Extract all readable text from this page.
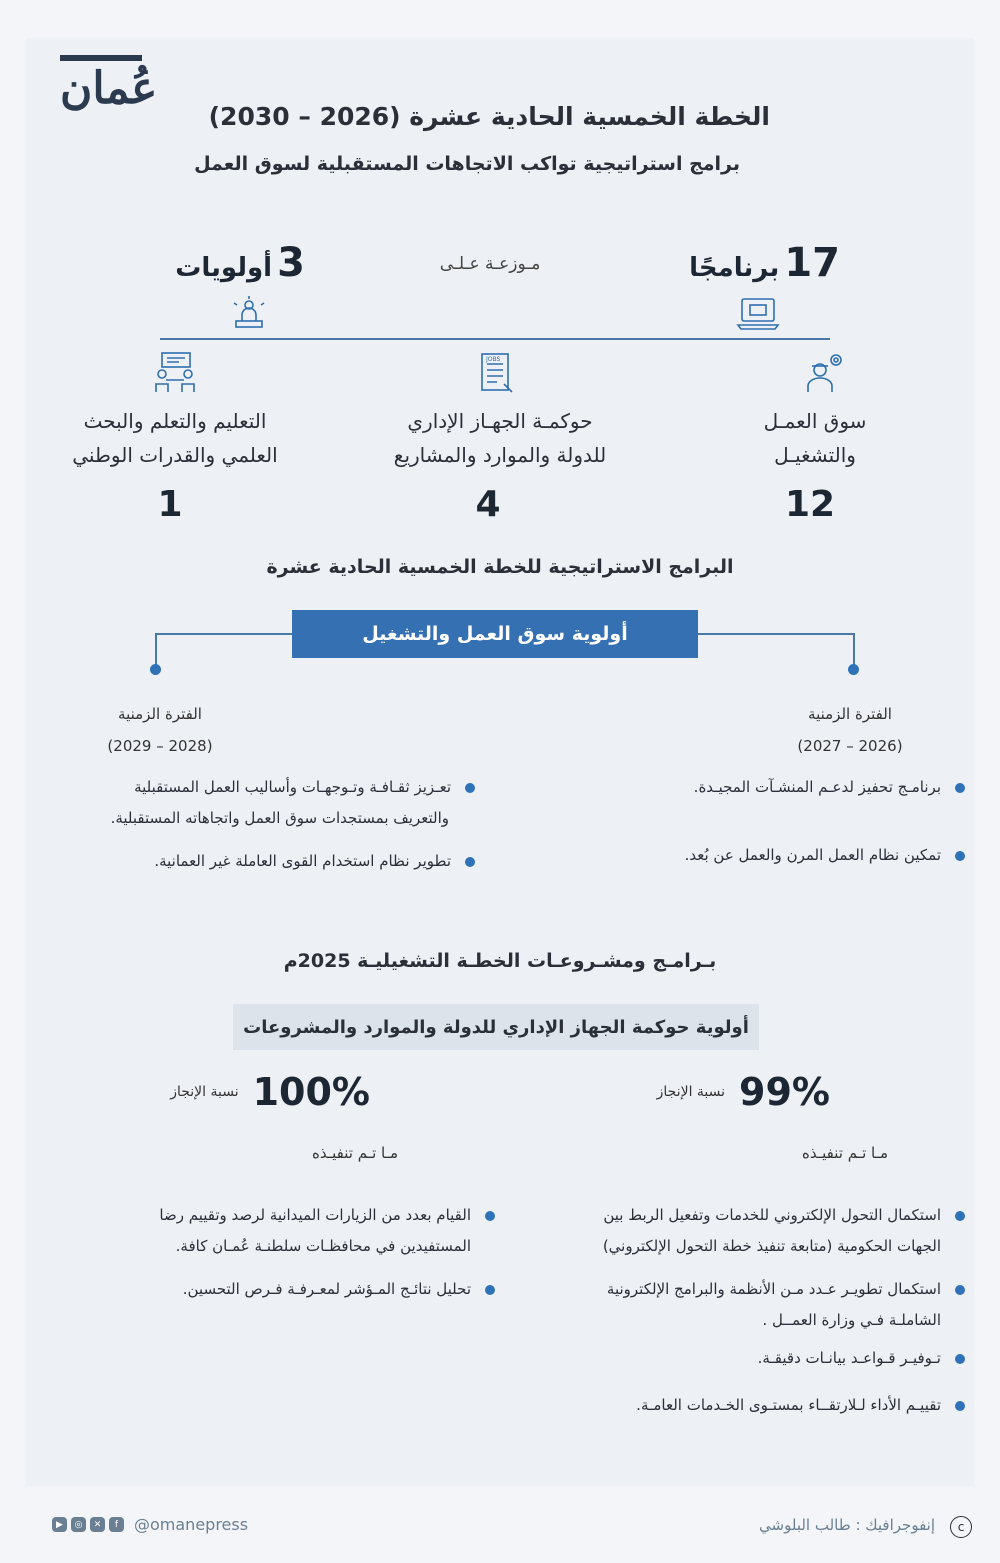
عُمان
الخطة الخمسية الحادية عشرة (2026 – 2030)
برامج استراتيجية تواكب الاتجاهات المستقبلية لسوق العمل
17 برنامجًا
مـوزعـة عـلـى
3 أولويات
JOBS
سوق العمـل
والتشغيـل
حوكمـة الجهـاز الإداري
للدولة والموارد والمشاريع
التعليم والتعلم والبحث
العلمي والقدرات الوطني
12
4
1
البرامج الاستراتيجية للخطة الخمسية الحادية عشرة
أولوية سوق العمل والتشغيل
الفترة الزمنية
(2026 – 2027)
الفترة الزمنية
(2028 – 2029)
برنامـج تحفيز لدعـم المنشـآت المجيـدة.
تمكين نظام العمل المرن والعمل عن بُعد.
تعـزيز ثقـافـة وتـوجهـات وأساليب العمل المستقبلية
والتعريف بمستجدات سوق العمل واتجاهاته المستقبلية.
تطوير نظام استخدام القوى العاملة غير العمانية.
بـرامـج ومشـروعـات الخطـة التشغيليـة 2025م
أولوية حوكمة الجهاز الإداري للدولة والموارد والمشروعات
99%
نسبة الإنجاز
100%
نسبة الإنجاز
مـا تـم تنفيـذه
مـا تـم تنفيـذه
استكمال التحول الإلكتروني للخدمات وتفعيل الربط بين
الجهات الحكومية (متابعة تنفيذ خطة التحول الإلكتروني)
استكمال تطويـر عـدد مـن الأنظمة والبرامج الإلكترونية
الشاملـة فـي وزارة العمــل .
تـوفيـر قـواعـد بيانـات دقيقـة.
تقييـم الأداء لـلارتقــاء بمستـوى الخـدمات العامـة.
القيام بعدد من الزيارات الميدانية لرصد وتقييم رضا
المستفيدين في محافظـات سلطنـة عُمـان كافة.
تحليل نتائـج المـؤشر لمعـرفـة فـرص التحسين.
▶	◎	✕	f @omanepress	إنفوجرافيك : طالب البلوشي	c
